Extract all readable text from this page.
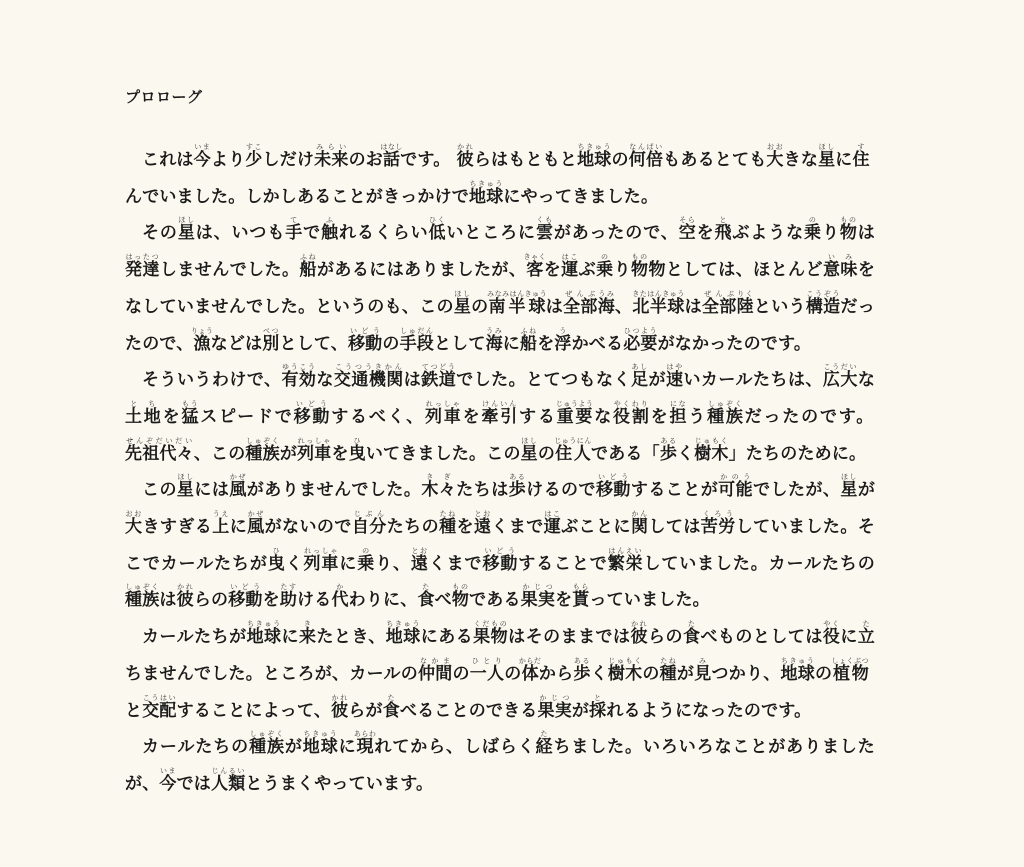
プロローグ

これは今いまより少すこしだけ未来みらいのお話はなしです。 彼かれらはもともと地球ちきゅうの何倍なんばいもあるとても大おおきな星ほしに住すんでいました。しかしあることがきっかけで地球ちきゅうにやってきました。

その星ほしは、いつも手てで触ふれるくらい低ひくいところに雲くもがあったので、空そらを飛とぶような乗のり物ものは発達はったつしませんでした。船ふねがあるにはありましたが、客きゃくを運はこぶ乗のり物もの物としては、ほとんど意味いみをなしていませんでした。というのも、この星ほしの南半球みなみはんきゅうは全部ぜんぶ海うみ、北半球きたはんきゅうは全部ぜんぶ陸りくという構造こうぞうだったので、漁りょうなどは別べつとして、移動いどうの手段しゅだんとして海うみに船ふねを浮うかべる必要ひつようがなかったのです。

そういうわけで、有効ゆうこうな交通機関こうつうきかんは鉄道てつどうでした。とてつもなく足あしが速はやいカールたちは、広大こうだいな土地とちを猛もうスピードで移動いどうするべく、列車れっしゃを牽引けんいんする重要じゅうような役割やくわりを担になう種族しゅぞくだったのです。先祖代々せんぞだいだい、この種族しゅぞくが列車れっしゃを曳ひいてきました。この星ほしの住人じゅうにんである「歩あるく樹木じゅもく」たちのために。

この星ほしには風かぜがありませんでした。木々きぎたちは歩あるけるので移動いどうすることが可能かのうでしたが、星ほしが大おおきすぎる上うえに風かぜがないので自分じぶんたちの種たねを遠とおくまで運はこぶことに関かんしては苦労くろうしていました。そこでカールたちが曳ひく列車れっしゃに乗のり、遠とおくまで移動いどうすることで繁栄はんえいしていました。カールたちの種族しゅぞくは彼かれらの移動いどうを助たすける代かわりに、食たべ物ものである果実かじつを貰もらっていました。

カールたちが地球ちきゅうに来きたとき、地球ちきゅうにある果物くだものはそのままでは彼かれらの食たべものとしては役やくに立たちませんでした。ところが、カールの仲間なかまの一人ひとりの体からだから歩あるく樹木じゅもくの種たねが見みつかり、地球ちきゅうの植物しょくぶつと交配こうはいすることによって、彼かれらが食たべることのできる果実かじつが採とれるようになったのです。

カールたちの種族しゅぞくが地球ちきゅうに現あらわれてから、しばらく経たちました。いろいろなことがありましたが、今いまでは人類じんるいとうまくやっています。
